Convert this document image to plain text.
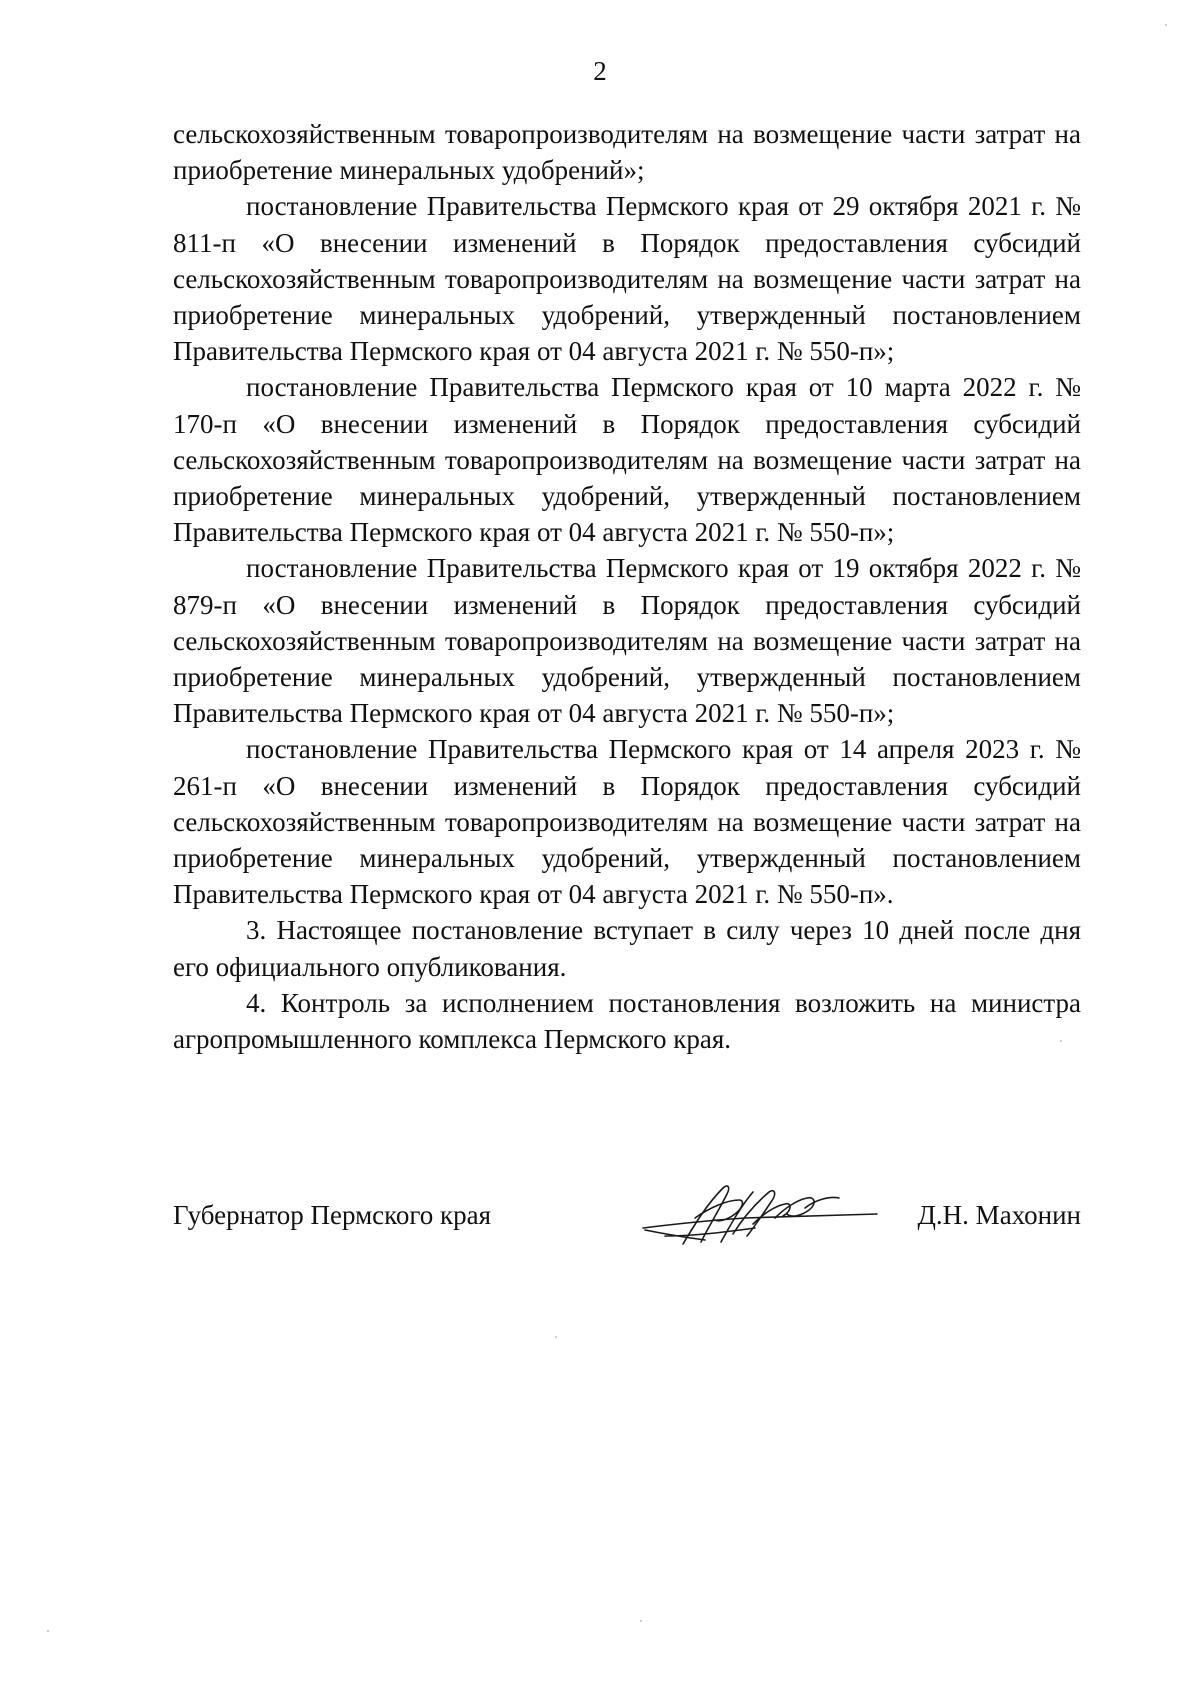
2

сельскохозяйственным товаропроизводителям на возмещение части затрат на приобретение минеральных удобрений»;

постановление Правительства Пермского края от 29 октября 2021 г. № 811-п «О внесении изменений в Порядок предоставления субсидий сельскохозяйственным товаропроизводителям на возмещение части затрат на приобретение минеральных удобрений, утвержденный постановлением Правительства Пермского края от 04 августа 2021 г. № 550-п»;

постановление Правительства Пермского края от 10 марта 2022 г. № 170-п «О внесении изменений в Порядок предоставления субсидий сельскохозяйственным товаропроизводителям на возмещение части затрат на приобретение минеральных удобрений, утвержденный постановлением Правительства Пермского края от 04 августа 2021 г. № 550-п»;

постановление Правительства Пермского края от 19 октября 2022 г. № 879-п «О внесении изменений в Порядок предоставления субсидий сельскохозяйственным товаропроизводителям на возмещение части затрат на приобретение минеральных удобрений, утвержденный постановлением Правительства Пермского края от 04 августа 2021 г. № 550-п»;

постановление Правительства Пермского края от 14 апреля 2023 г. № 261-п «О внесении изменений в Порядок предоставления субсидий сельскохозяйственным товаропроизводителям на возмещение части затрат на приобретение минеральных удобрений, утвержденный постановлением Правительства Пермского края от 04 августа 2021 г. № 550-п».

3. Настоящее постановление вступает в силу через 10 дней после дня его официального опубликования.

4. Контроль за исполнением постановления возложить на министра агропромышленного комплекса Пермского края.

Губернатор Пермского края	Д.Н. Махонин
